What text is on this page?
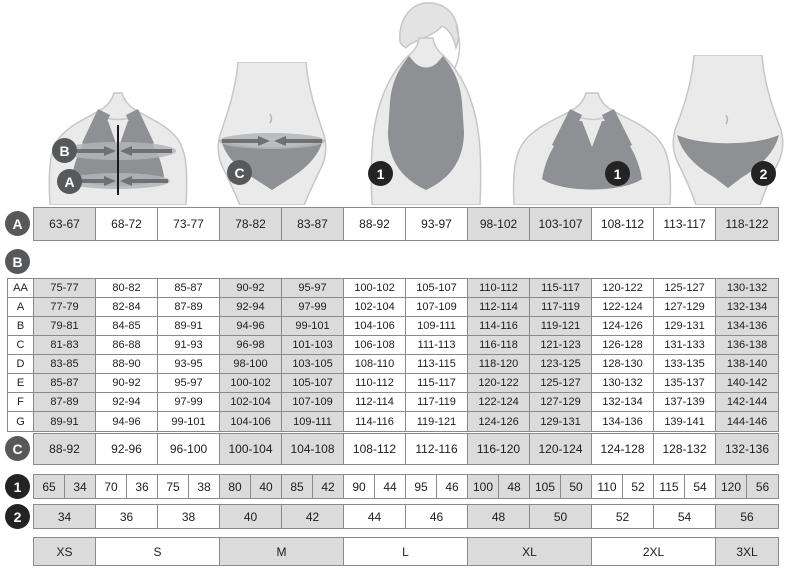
B
A
C	1	1	2
A
B
C
1
2
63-67	68-72	73-77	78-82	83-87	88-92	93-97	98-102	103-107	108-112	113-117	118-122
AA	75-77	80-82	85-87	90-92	95-97	100-102	105-107	110-112	115-117	120-122	125-127	130-132
A	77-79	82-84	87-89	92-94	97-99	102-104	107-109	112-114	117-119	122-124	127-129	132-134
B	79-81	84-85	89-91	94-96	99-101	104-106	109-111	114-116	119-121	124-126	129-131	134-136
C	81-83	86-88	91-93	96-98	101-103	106-108	111-113	116-118	121-123	126-128	131-133	136-138
D	83-85	88-90	93-95	98-100	103-105	108-110	113-115	118-120	123-125	128-130	133-135	138-140
E	85-87	90-92	95-97	100-102	105-107	110-112	115-117	120-122	125-127	130-132	135-137	140-142
F	87-89	92-94	97-99	102-104	107-109	112-114	117-119	122-124	127-129	132-134	137-139	142-144
G	89-91	94-96	99-101	104-106	109-111	114-116	119-121	124-126	129-131	134-136	139-141	144-146
88-92	92-96	96-100	100-104	104-108	108-112	112-116	116-120	120-124	124-128	128-132	132-136
65	34	70	36	75	38	80	40	85	42	90	44	95	46	100	48	105	50	110	52	115	54	120	56
34	36	38	40	42	44	46	48	50	52	54	56
XS	S	M	L	XL	2XL	3XL
